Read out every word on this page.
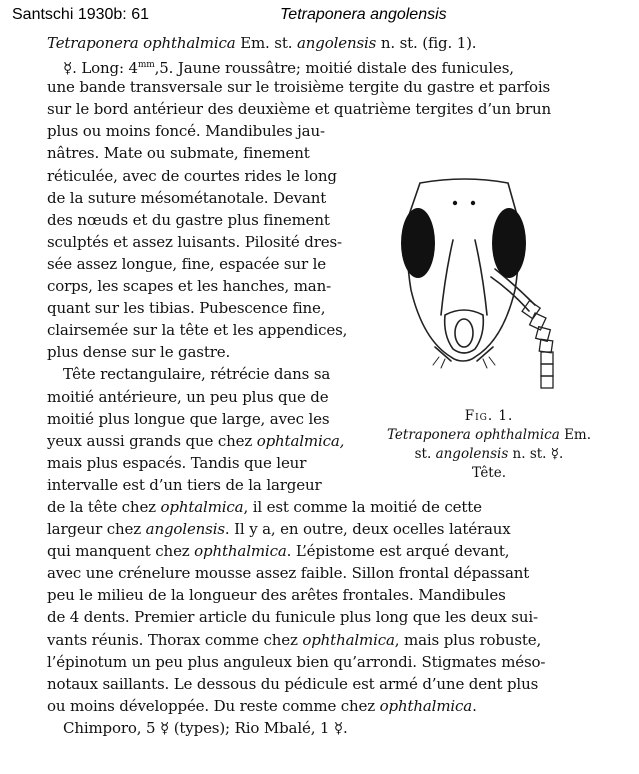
Santschi 1930b: 61	Tetraponera angolensis
Tetraponera ophthalmica Em. st. angolensis n. st. (fig. 1).
☿. Long: $4^{mm},5$. Jaune roussâtre; moitié distale des funicules,
une bande transversale sur le troisième tergite du gastre et parfois
sur le bord antérieur des deuxième et quatrième tergites d’un brun
plus ou moins foncé. Mandibules jau-
nâtres. Mate ou submate, finement
réticulée, avec de courtes rides le long
de la suture mésométanotale. Devant
des nœuds et du gastre plus finement
sculptés et assez luisants. Pilosité dres-
sée assez longue, fine, espacée sur le
corps, les scapes et les hanches, man-
quant sur les tibias. Pubescence fine,
clairsemée sur la tête et les appendices,
plus dense sur le gastre.
Tête rectangulaire, rétrécie dans sa
moitié antérieure, un peu plus que de
moitié plus longue que large, avec les
yeux aussi grands que chez ophtalmica,
mais plus espacés. Tandis que leur
intervalle est d’un tiers de la largeur
de la tête chez ophtalmica, il est comme la moitié de cette
largeur chez angolensis. Il y a, en outre, deux ocelles latéraux
qui manquent chez ophthalmica. L’épistome est arqué devant,
avec une crénelure mousse assez faible. Sillon frontal dépassant
peu le milieu de la longueur des arêtes frontales. Mandibules
de 4 dents. Premier article du funicule plus long que les deux sui-
vants réunis. Thorax comme chez ophthalmica, mais plus robuste,
l’épinotum un peu plus anguleux bien qu’arrondi. Stigmates méso-
notaux saillants. Le dessous du pédicule est armé d’une dent plus
ou moins développée. Du reste comme chez ophthalmica.
Chimporo, 5 ☿ (types); Rio Mbalé, 1 ☿.
Fig. 1.
Tetraponera ophthalmica Em.
st. angolensis n. st. ☿.
Tête.
